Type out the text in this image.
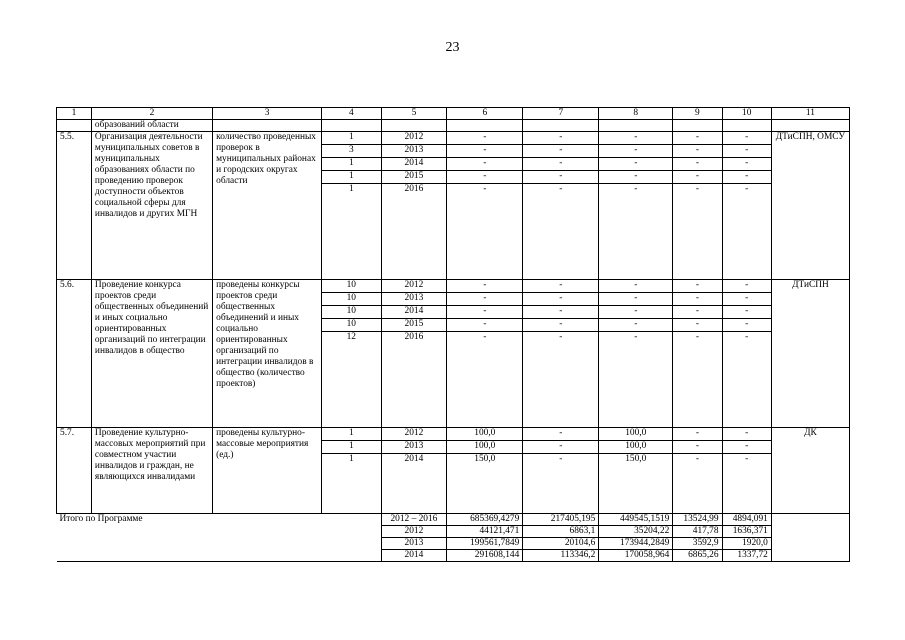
23
1	2	3	4	5	6	7	8	9	10	11
	образований области									
5.5.	Организация деятельности муниципальных советов в муниципальных образованиях области по проведению проверок доступности объектов социальной сферы для инвалидов и других МГН	количество проведенных проверок в муниципальных районах и городских округах области	1	2012	-	-	-	-	-	ДТиСПН, ОМСУ
			3	2013	-	-	-	-	-	
			1	2014	-	-	-	-	-	
			1	2015	-	-	-	-	-	
			1	2016	-	-	-	-	-	
5.6.	Проведение конкурса проектов среди общественных объединений и иных социально ориентированных организаций по интеграции инвалидов в общество	проведены конкурсы проектов среди общественных объединений и иных социально ориентированных организаций по интеграции инвалидов в общество (количество проектов)	10	2012	-	-	-	-	-	ДТиСПН
			10	2013	-	-	-	-	-	
			10	2014	-	-	-	-	-	
			10	2015	-	-	-	-	-	
			12	2016	-	-	-	-	-	
5.7.	Проведение культурно-массовых мероприятий при совместном участии инвалидов и граждан, не являющихся инвалидами	проведены культурно-массовые мероприятия (ед.)	1	2012	100,0	-	100,0	-	-	ДК
			1	2013	100,0	-	100,0	-	-	
			1	2014	150,0	-	150,0	-	-	
Итого по Программе				2012 – 2016	685369,4279	217405,195	449545,1519	13524,99	4894,091	
				2012	44121,471	6863,1	35204,22	417,78	1636,371	
				2013	199561,7849	20104,6	173944,2849	3592,9	1920,0	
				2014	291608,144	113346,2	170058,964	6865,26	1337,72	
